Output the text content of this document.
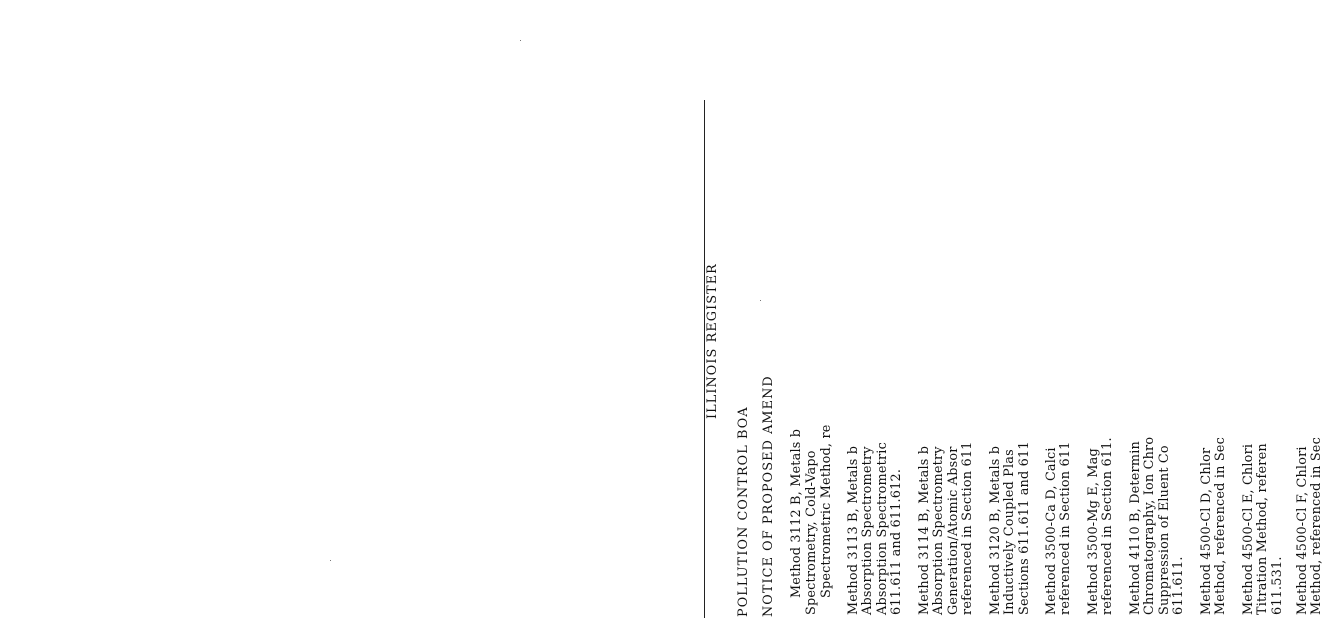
ILLINOIS REGISTER
POLLUTION CONTROL BOA NOTICE OF PROPOSED AMEND Method 3112 B, Metals b Spectrometry, Cold-Vapo Spectrometric Method, re Method 3113 B, Metals b Absorption Spectrometry Absorption Spectrometric 611.611 and 611.612. Method 3114 B, Metals b Absorption Spectrometry Generation/Atomic Absor referenced in Section 611 Method 3120 B, Metals b Inductively Coupled Plas Sections 611.611 and 611 Method 3500-Ca D, Calci referenced in Section 611 Method 3500-Mg E, Mag referenced in Section 611. Method 4110 B, Determin Chromatography, Ion Chro Suppression of Eluent Co 611.611. Method 4500-Cl D, Chlor Method, referenced in Sec Method 4500-Cl E, Chlori Titration Method, referen 611.531. Method 4500-Cl F, Chlori Method, referenced in Sec
